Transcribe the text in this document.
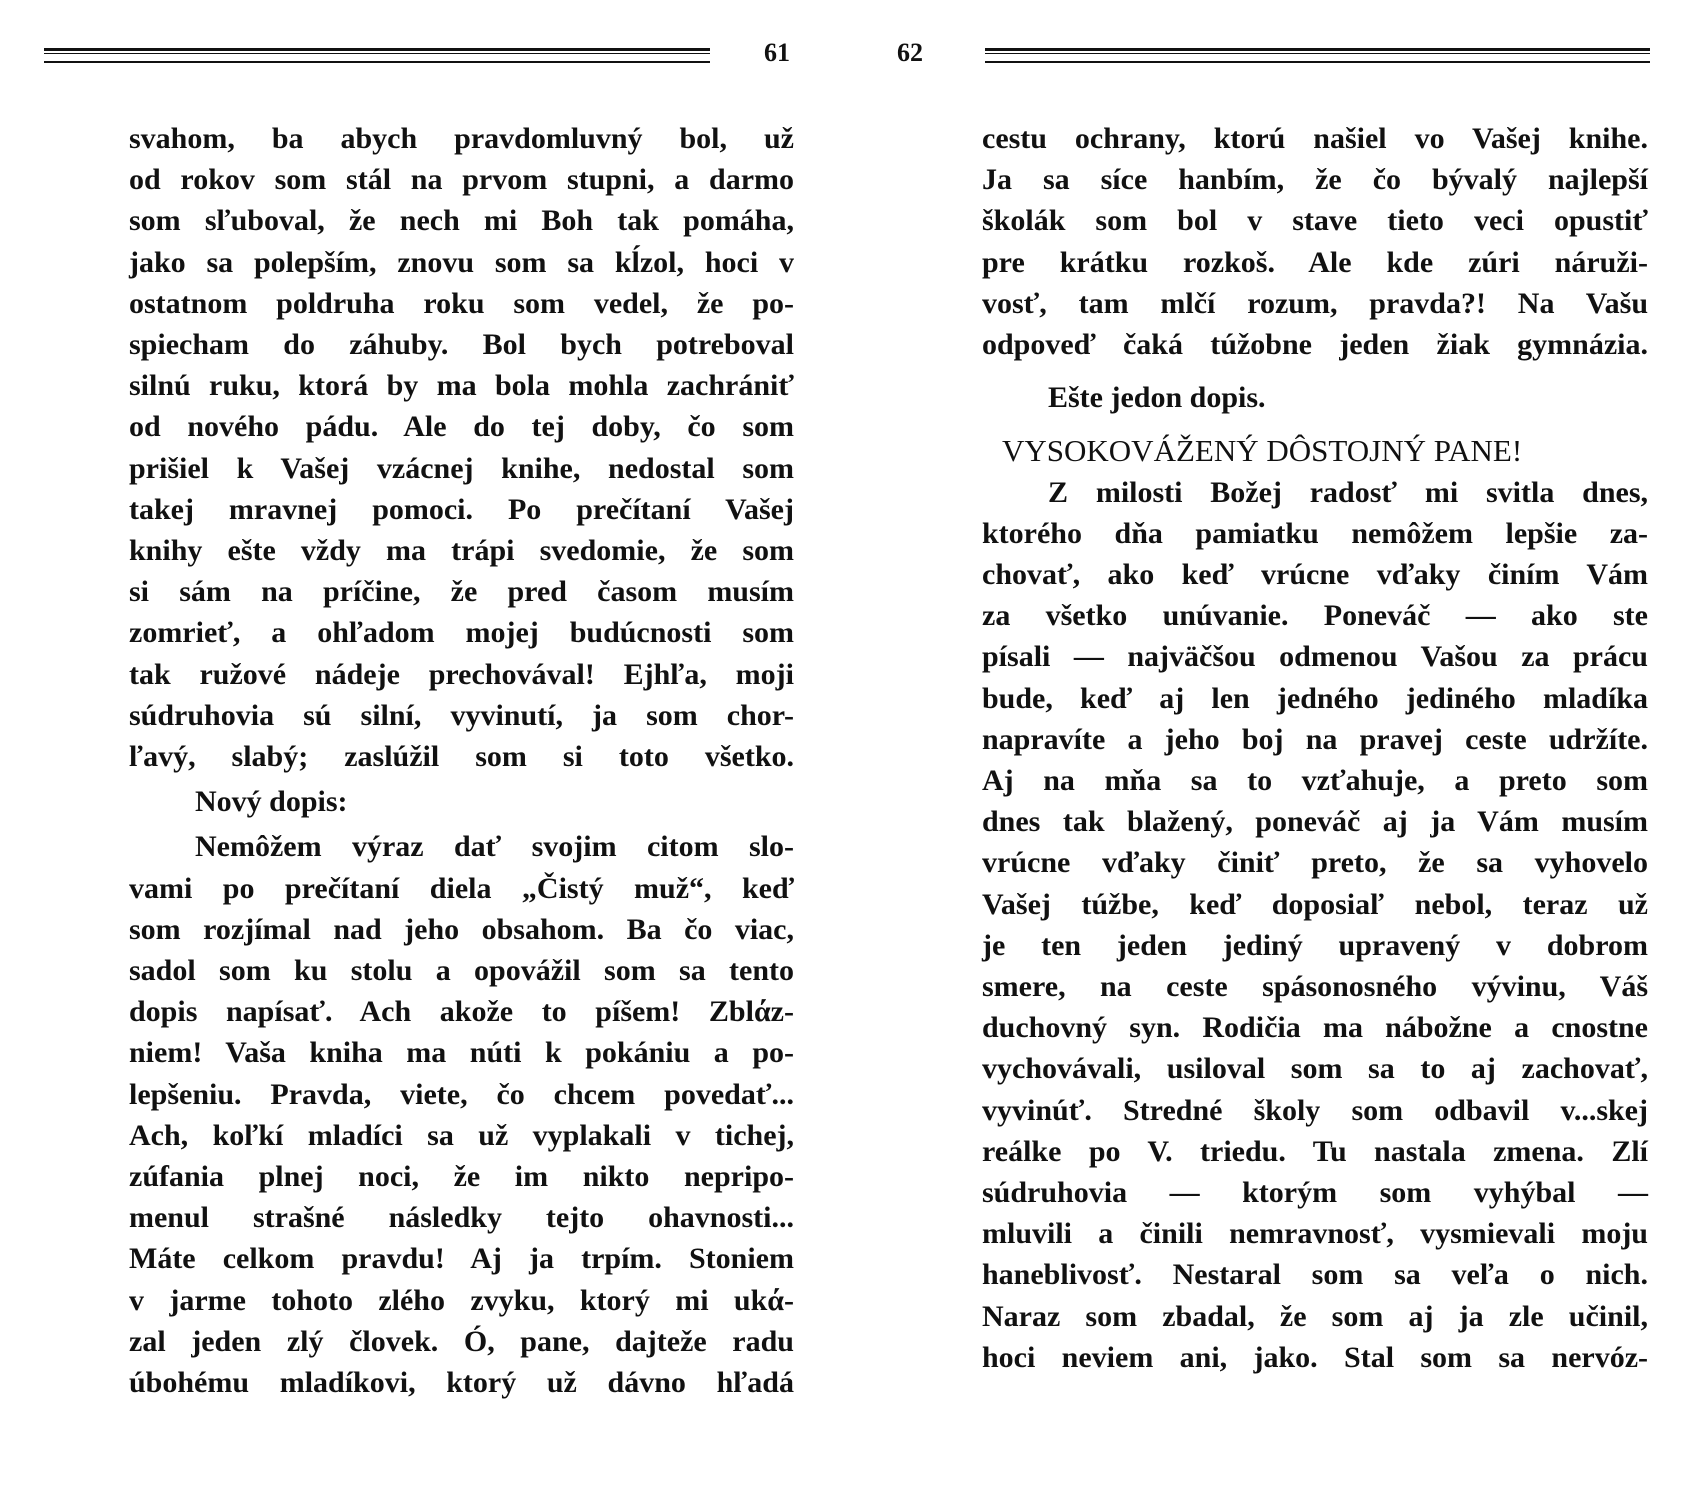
61	62
svahom, ba abych pravdomluvný bol, už
od rokov som stál na prvom stupni, a darmo
som sľuboval, že nech mi Boh tak pomáha,
jako sa polepším, znovu som sa kĺzol, hoci v
ostatnom poldruha roku som vedel, že po-
spiecham do záhuby. Bol bych potreboval
silnú ruku, ktorá by ma bola mohla zachrániť
od nového pádu. Ale do tej doby, čo som
prišiel k Vašej vzácnej knihe, nedostal som
takej mravnej pomoci. Po prečítaní Vašej
knihy ešte vždy ma trápi svedomie, že som
si sám na príčine, že pred časom musím
zomrieť, a ohľadom mojej budúcnosti som
tak ružové nádeje prechovával! Ejhľa, moji
súdruhovia sú silní, vyvinutí, ja som chor-
ľavý, slabý; zaslúžil som si toto všetko.
Nový dopis:
Nemôžem výraz dať svojim citom slo-
vami po prečítaní diela „Čistý muž“, keď
som rozjímal nad jeho obsahom. Ba čo viac,
sadol som ku stolu a opovážil som sa tento
dopis napísať. Ach akože to píšem! Zblάz-
niem! Vaša kniha ma núti k pokániu a po-
lepšeniu. Pravda, viete, čo chcem povedať...
Ach, koľkí mladíci sa už vyplakali v tichej,
zúfania plnej noci, že im nikto nepripo-
menul strašné následky tejto ohavnosti...
Máte celkom pravdu! Aj ja trpím. Stoniem
v jarme tohoto zlého zvyku, ktorý mi ukά-
zal jeden zlý človek. Ó, pane, dajteže radu
úbohému mladíkovi, ktorý už dávno hľadá
cestu ochrany, ktorú našiel vo Vašej knihe.
Ja sa síce hanbím, že čo bývalý najlepší
školák som bol v stave tieto veci opustiť
pre krátku rozkoš. Ale kde zúri náruži-
vosť, tam mlčí rozum, pravda?! Na Vašu
odpoveď čaká túžobne jeden žiak gymnázia.
Ešte jedon dopis.
VYSOKOVÁŽENÝ DÔSTOJNÝ PANE!
Z milosti Božej radosť mi svitla dnes,
ktorého dňa pamiatku nemôžem lepšie za-
chovať, ako keď vrúcne vďaky činím Vám
za všetko unúvanie. Poneváč — ako ste
písali — najväčšou odmenou Vašou za prácu
bude, keď aj len jedného jediného mladíka
napravíte a jeho boj na pravej ceste udržíte.
Aj na mňa sa to vzťahuje, a preto som
dnes tak blažený, poneváč aj ja Vám musím
vrúcne vďaky činiť preto, že sa vyhovelo
Vašej túžbe, keď doposiaľ nebol, teraz už
je ten jeden jediný upravený v dobrom
smere, na ceste spásonosného vývinu, Váš
duchovný syn. Rodičia ma nábožne a cnostne
vychovávali, usiloval som sa to aj zachovať,
vyvinúť. Stredné školy som odbavil v...skej
reálke po V. triedu. Tu nastala zmena. Zlí
súdruhovia — ktorým som vyhýbal —
mluvili a činili nemravnosť, vysmievali moju
haneblivosť. Nestaral som sa veľa o nich.
Naraz som zbadal, že som aj ja zle učinil,
hoci neviem ani, jako. Stal som sa nervóz-
